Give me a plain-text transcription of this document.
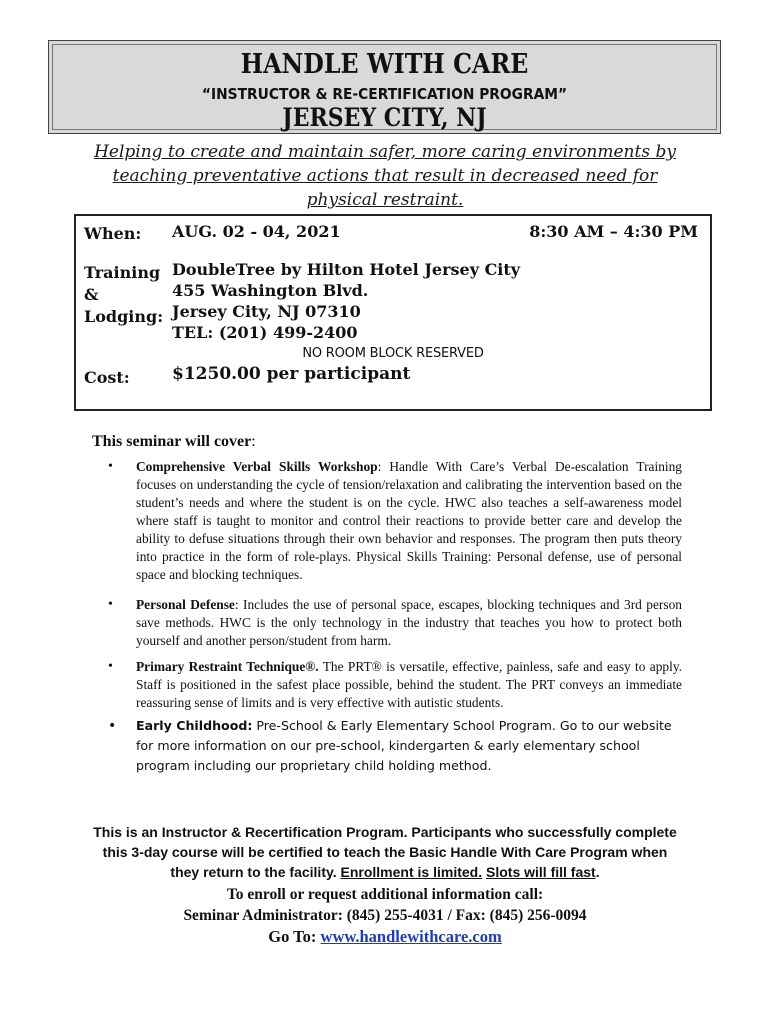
HANDLE WITH CARE
“INSTRUCTOR & RE-CERTIFICATION PROGRAM”
JERSEY CITY, NJ
Helping to create and maintain safer, more caring environments by teaching preventative actions that result in decreased need for physical restraint.
When: AUG. 02 - 04, 2021	8:30 AM – 4:30 PM
Training
&
Lodging:
DoubleTree by Hilton Hotel Jersey City
455 Washington Blvd.
Jersey City, NJ 07310
TEL: (201) 499-2400
NO ROOM BLOCK RESERVED
Cost: $1250.00 per participant
This seminar will cover:
• Comprehensive Verbal Skills Workshop: Handle With Care’s Verbal De-escalation Training focuses on understanding the cycle of tension/relaxation and calibrating the intervention based on the student’s needs and where the student is on the cycle. HWC also teaches a self-awareness model where staff is taught to monitor and control their reactions to provide better care and develop the ability to defuse situations through their own behavior and responses. The program then puts theory into practice in the form of role-plays. Physical Skills Training: Personal defense, use of personal space and blocking techniques.
• Personal Defense: Includes the use of personal space, escapes, blocking techniques and 3rd person save methods. HWC is the only technology in the industry that teaches you how to protect both yourself and another person/student from harm.
• Primary Restraint Technique®. The PRT® is versatile, effective, painless, safe and easy to apply. Staff is positioned in the safest place possible, behind the student. The PRT conveys an immediate reassuring sense of limits and is very effective with autistic students.
• Early Childhood: Pre-School & Early Elementary School Program. Go to our website for more information on our pre-school, kindergarten & early elementary school program including our proprietary child holding method.
This is an Instructor & Recertification Program. Participants who successfully complete this 3-day course will be certified to teach the Basic Handle With Care Program when they return to the facility. Enrollment is limited. Slots will fill fast.
To enroll or request additional information call:
Seminar Administrator: (845) 255-4031 / Fax: (845) 256-0094
Go To: www.handlewithcare.com
